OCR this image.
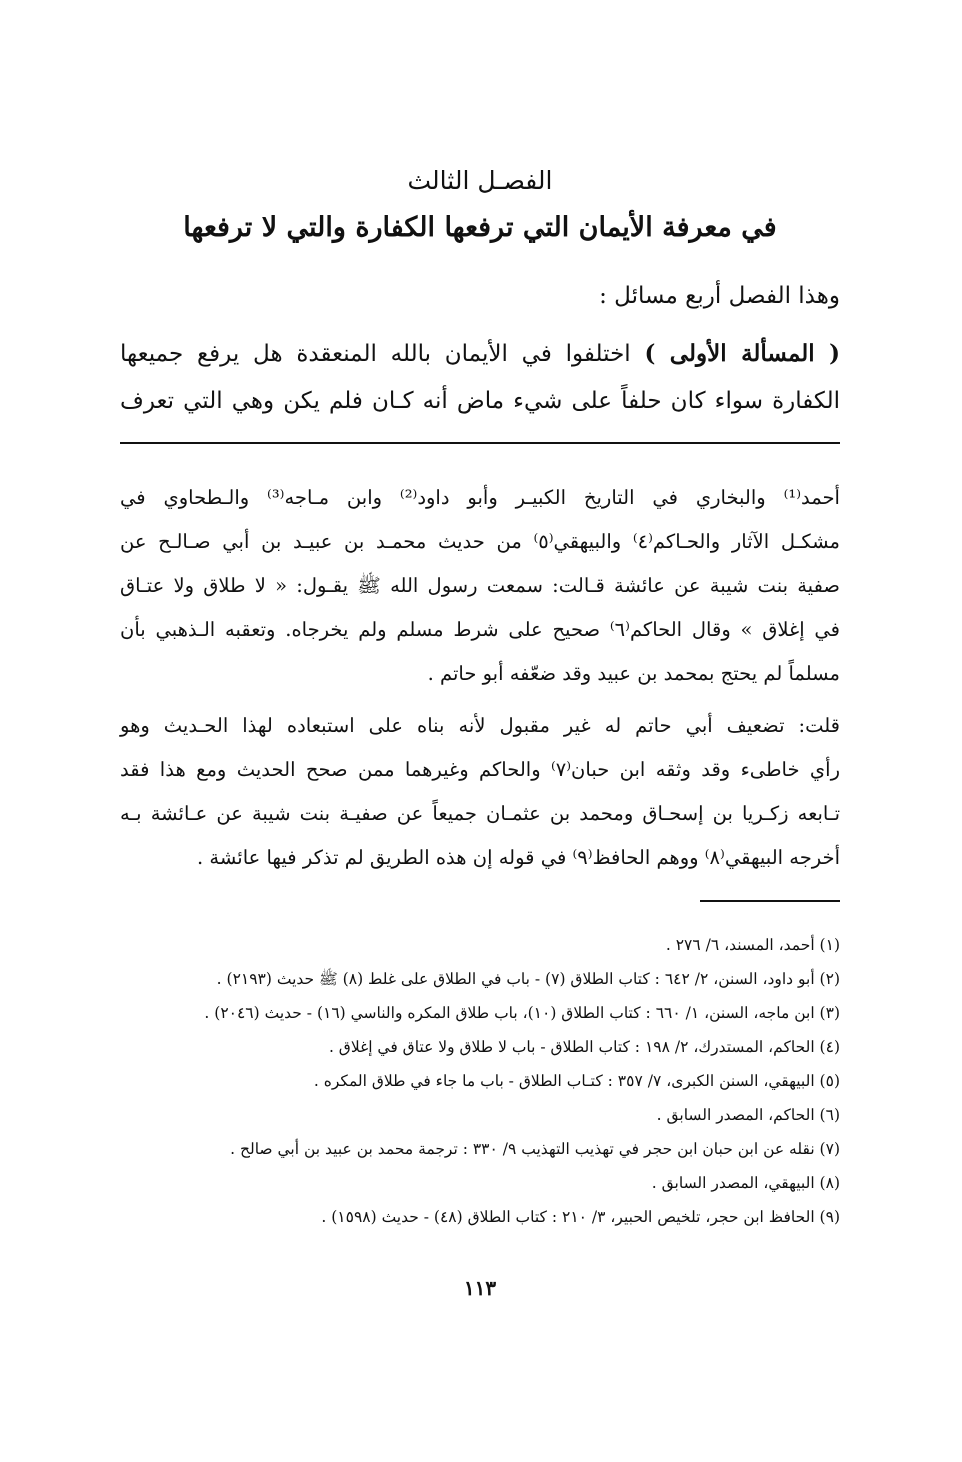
الفصـل الثالث
في معرفة الأيمان التي ترفعها الكفارة والتي لا ترفعها
وهذا الفصل أربع مسائل :
( المسألة الأولى ) اختلفوا في الأيمان بالله المنعقدة هل يرفع جميعها
الكفارة سواء كان حلفاً على شيء ماض أنه كـان فلم يكن وهي التي تعرف
أحمد⁽¹⁾ والبخاري في التاريخ الكبيـر وأبو داود⁽²⁾ وابن مـاجه⁽³⁾ والـطحاوي في
مشكـل الآثار والحـاكم⁽٤⁾ والبيهقي⁽٥⁾ من حديث محمـد بن عبيـد بن أبي صـالـح عن
صفية بنت شيبة عن عائشة قـالت: سمعت رسول الله ﷺ يقـول: « لا طلاق ولا عتـاق
في إغلاق » وقال الحاكم⁽٦⁾ صحيح على شرط مسلم ولم يخرجاه. وتعقبه الـذهبي بأن
مسلماً لم يحتج بمحمد بن عبيد وقد ضعّفه أبو حاتم .
قلت: تضعيف أبي حاتم له غير مقبول لأنه بناه على استبعاده لهذا الحـديث وهو
رأي خاطىء وقد وثقه ابن حبان⁽٧⁾ والحاكم وغيرهما ممن صحح الحديث ومع هذا فقد
تـابعه زكـريا بن إسحـاق ومحمد بن عثمـان جميعاً عن صفيـة بنت شيبة عن عـائشة بـه
أخرجه البيهقي⁽٨⁾ ووهم الحافظ⁽٩⁾ في قوله إن هذه الطريق لم تذكر فيها عائشة .
(١) أحمد، المسند، ٦/ ٢٧٦ .
(٢) أبو داود، السنن، ٢/ ٦٤٢ : كتاب الطلاق (٧) - باب في الطلاق على غلط (٨) ﷺ حديث (٢١٩٣) .
(٣) ابن ماجه، السنن، ١/ ٦٦٠ : كتاب الطلاق (١٠)، باب طلاق المكره والناسي (١٦) - حديث (٢٠٤٦) .
(٤) الحاكم، المستدرك، ٢/ ١٩٨ : كتاب الطلاق - باب لا طلاق ولا عتاق في إغلاق .
(٥) البيهقي، السنن الكبرى، ٧/ ٣٥٧ : كتـاب الطلاق - باب ما جاء في طلاق المكره .
(٦) الحاكم، المصدر السابق .
(٧) نقله عن ابن حبان ابن حجر في تهذيب التهذيب ٩/ ٣٣٠ : ترجمة محمد بن عبيد بن أبي صالح .
(٨) البيهقي، المصدر السابق .
(٩) الحافظ ابن حجر، تلخيص الحبير، ٣/ ٢١٠ : كتاب الطلاق (٤٨) - حديث (١٥٩٨) .
١١٣
